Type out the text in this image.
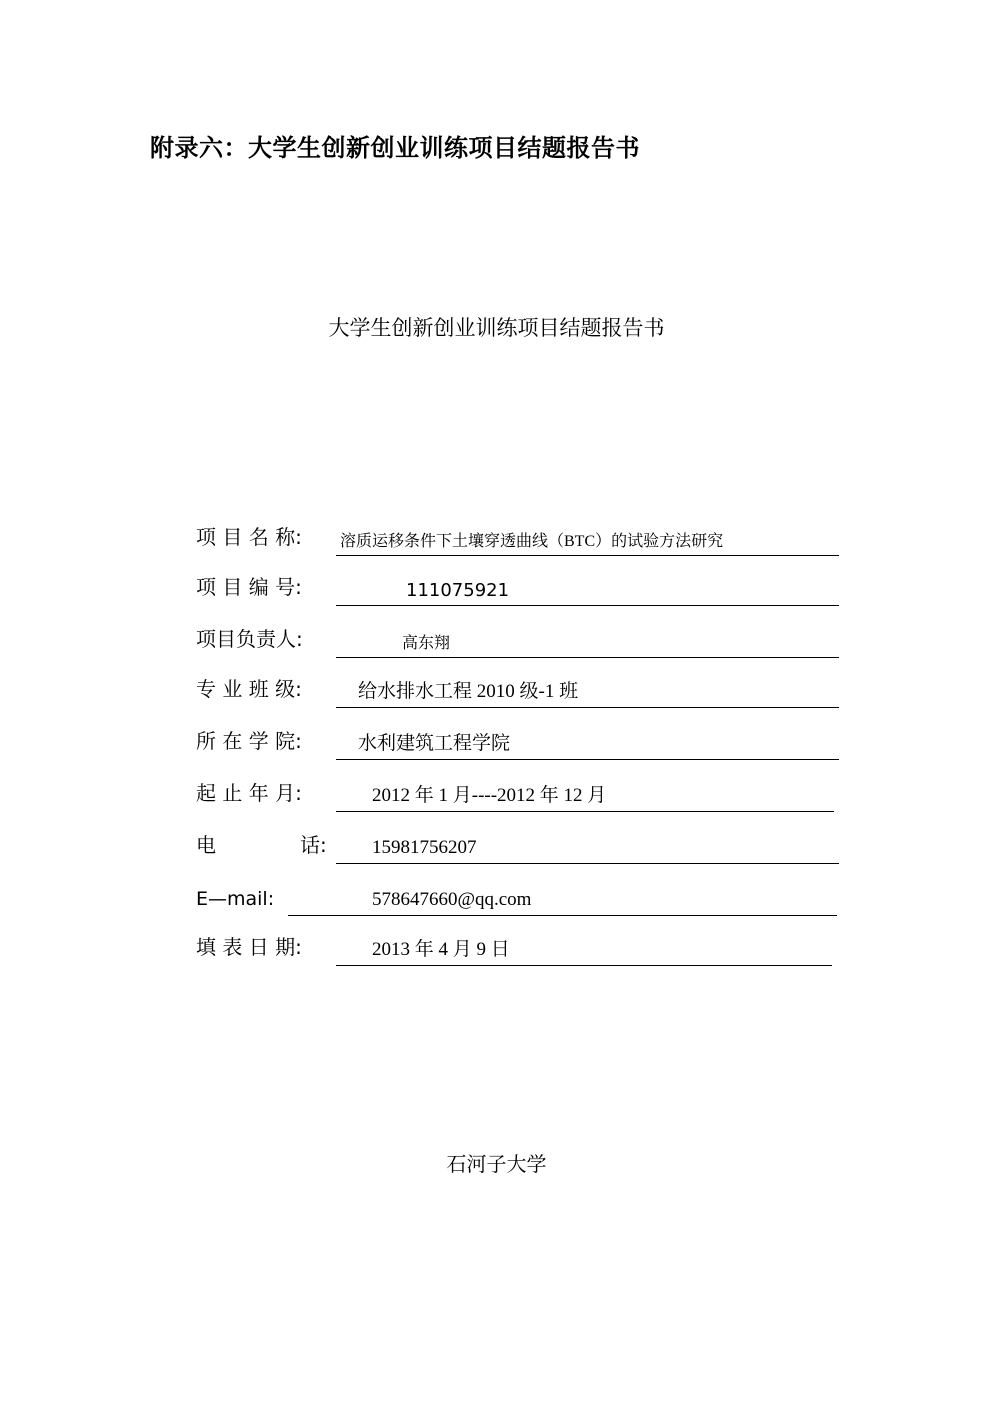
附录六：大学生创新创业训练项目结题报告书
大学生创新创业训练项目结题报告书
项 目 名 称: 溶质运移条件下土壤穿透曲线（BTC）的试验方法研究
项 目 编 号:	111075921
项目负责人:	高东翔
专 业 班 级:	给水排水工程 2010 级-1 班
所 在 学 院:	水利建筑工程学院
起 止 年 月:	2012 年 1 月----2012 年 12 月
电	话: 15981756207
E—mail:	578647660@qq.com
填 表 日 期:	2013 年 4 月 9 日
石河子大学
